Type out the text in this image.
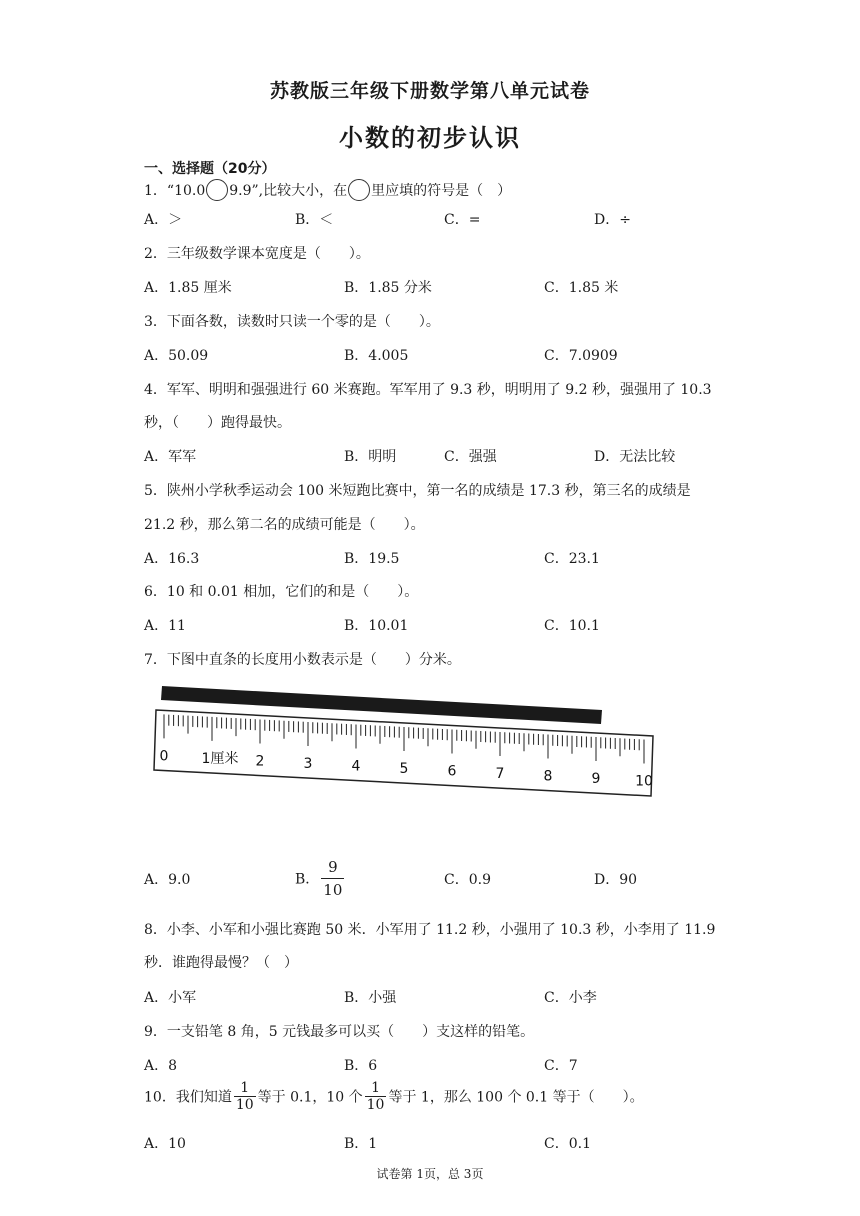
苏教版三年级下册数学第八单元试卷
小数的初步认识
一、选择题（20分）
1．“10.0 9.9”,比较大小，在 里应填的符号是（　）
A．＞	B．＜	C．=	D．÷
2．三年级数学课本宽度是（　　）。
A．1.85 厘米	B．1.85 分米	C．1.85 米
3．下面各数，读数时只读一个零的是（　　）。
A．50.09	B．4.005	C．7.0909
4．军军、明明和强强进行 60 米赛跑。军军用了 9.3 秒，明明用了 9.2 秒，强强用了 10.3
秒，（　　）跑得最快。
A．军军	B．明明	C．强强	D．无法比较
5．陕州小学秋季运动会 100 米短跑比赛中，第一名的成绩是 17.3 秒，第三名的成绩是
21.2 秒，那么第二名的成绩可能是（　　）。
A．16.3	B．19.5	C．23.1
6．10 和 0.01 相加，它们的和是（　　）。
A．11	B．10.01	C．10.1
7．下图中直条的长度用小数表示是（　　）分米。
0 1厘米 2	3	4	5	6	7	8	9 10
A．9.0	B． $\frac{9}{10}$	C．0.9	D．90
8．小李、小军和小强比赛跑 50 米．小军用了 11.2 秒，小强用了 10.3 秒，小李用了 11.9
秒．谁跑得最慢？（　）
A．小军	B．小强	C．小李
9．一支铅笔 8 角，5 元钱最多可以买（　　）支这样的铅笔。
A．8	B．6	C．7
10．我们知道 $\frac{1}{10}$ 等于 0.1，10 个 $\frac{1}{10}$ 等于 1，那么 100 个 0.1 等于（　　）。
A．10	B．1	C．0.1
试卷第 1页，总 3页
